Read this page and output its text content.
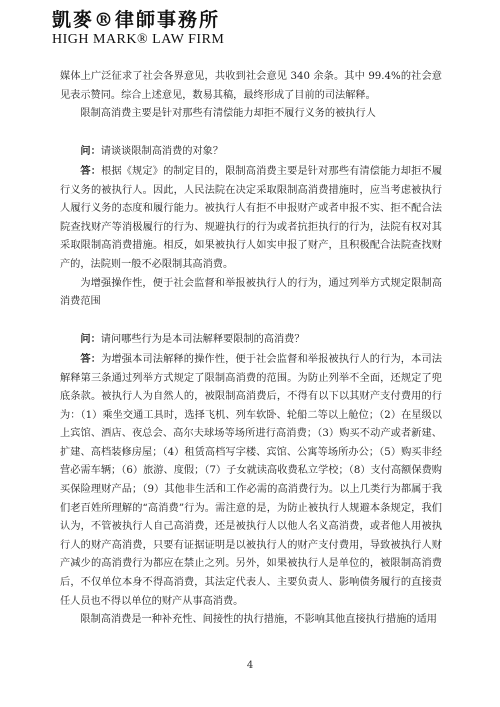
凱麥®律師事務所
HIGH MARK® LAW FIRM

媒体上广泛征求了社会各界意见，共收到社会意见 340 余条。其中 99.4%的社会意见表示赞同。综合上述意见，数易其稿，最终形成了目前的司法解释。

限制高消费主要是针对那些有清偿能力却拒不履行义务的被执行人

问：请谈谈限制高消费的对象？

答：根据《规定》的制定目的，限制高消费主要是针对那些有清偿能力却拒不履行义务的被执行人。因此，人民法院在决定采取限制高消费措施时，应当考虑被执行人履行义务的态度和履行能力。被执行人有拒不申报财产或者申报不实、拒不配合法院查找财产等消极履行的行为、规避执行的行为或者抗拒执行的行为，法院有权对其采取限制高消费措施。相反，如果被执行人如实申报了财产，且积极配合法院查找财产的，法院则一般不必限制其高消费。

为增强操作性，便于社会监督和举报被执行人的行为，通过列举方式规定限制高消费范围

问：请问哪些行为是本司法解释要限制的高消费？

答：为增强本司法解释的操作性，便于社会监督和举报被执行人的行为，本司法解释第三条通过列举方式规定了限制高消费的范围。为防止列举不全面，还规定了兜底条款。被执行人为自然人的，被限制高消费后，不得有以下以其财产支付费用的行为：（1）乘坐交通工具时，选择飞机、列车软卧、轮船二等以上舱位；（2）在星级以上宾馆、酒店、夜总会、高尔夫球场等场所进行高消费；（3）购买不动产或者新建、扩建、高档装修房屋；（4）租赁高档写字楼、宾馆、公寓等场所办公；（5）购买非经营必需车辆；（6）旅游、度假；（7）子女就读高收费私立学校；（8）支付高额保费购买保险理财产品；（9）其他非生活和工作必需的高消费行为。以上几类行为都属于我们老百姓所理解的“高消费”行为。需注意的是，为防止被执行人规避本条规定，我们认为，不管被执行人自己高消费，还是被执行人以他人名义高消费，或者他人用被执行人的财产高消费，只要有证据证明是以被执行人的财产支付费用，导致被执行人财产减少的高消费行为都应在禁止之列。另外，如果被执行人是单位的，被限制高消费后，不仅单位本身不得高消费，其法定代表人、主要负责人、影响债务履行的直接责任人员也不得以单位的财产从事高消费。

限制高消费是一种补充性、间接性的执行措施，不影响其他直接执行措施的适用

4
